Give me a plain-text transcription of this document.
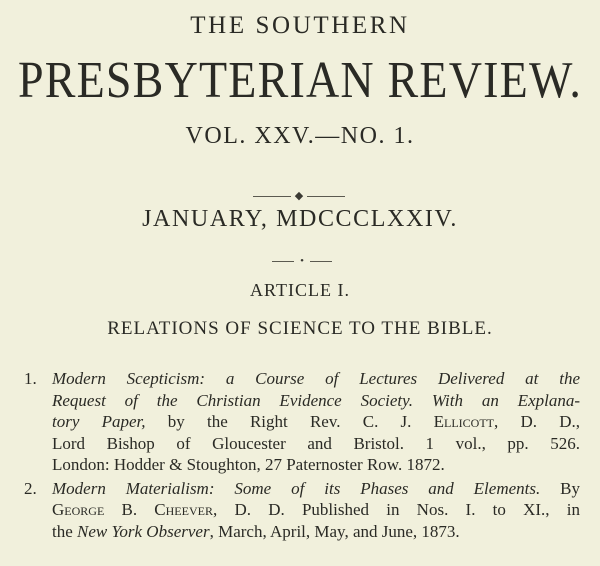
THE SOUTHERN
PRESBYTERIAN REVIEW.
VOL. XXV.—NO. 1.
◆
JANUARY, MDCCCLXXIV.
•
ARTICLE I.
RELATIONS OF SCIENCE TO THE BIBLE.
1. Modern Scepticism: a Course of Lectures Delivered at the
Request of the Christian Evidence Society. With an Explana-
tory Paper, by the Right Rev. C. J. Ellicott, D. D.,
Lord Bishop of Gloucester and Bristol. 1 vol., pp. 526.
London: Hodder & Stoughton, 27 Paternoster Row. 1872.
2. Modern Materialism: Some of its Phases and Elements. By
George B. Cheever, D. D. Published in Nos. I. to XI., in
the New York Observer, March, April, May, and June, 1873.
